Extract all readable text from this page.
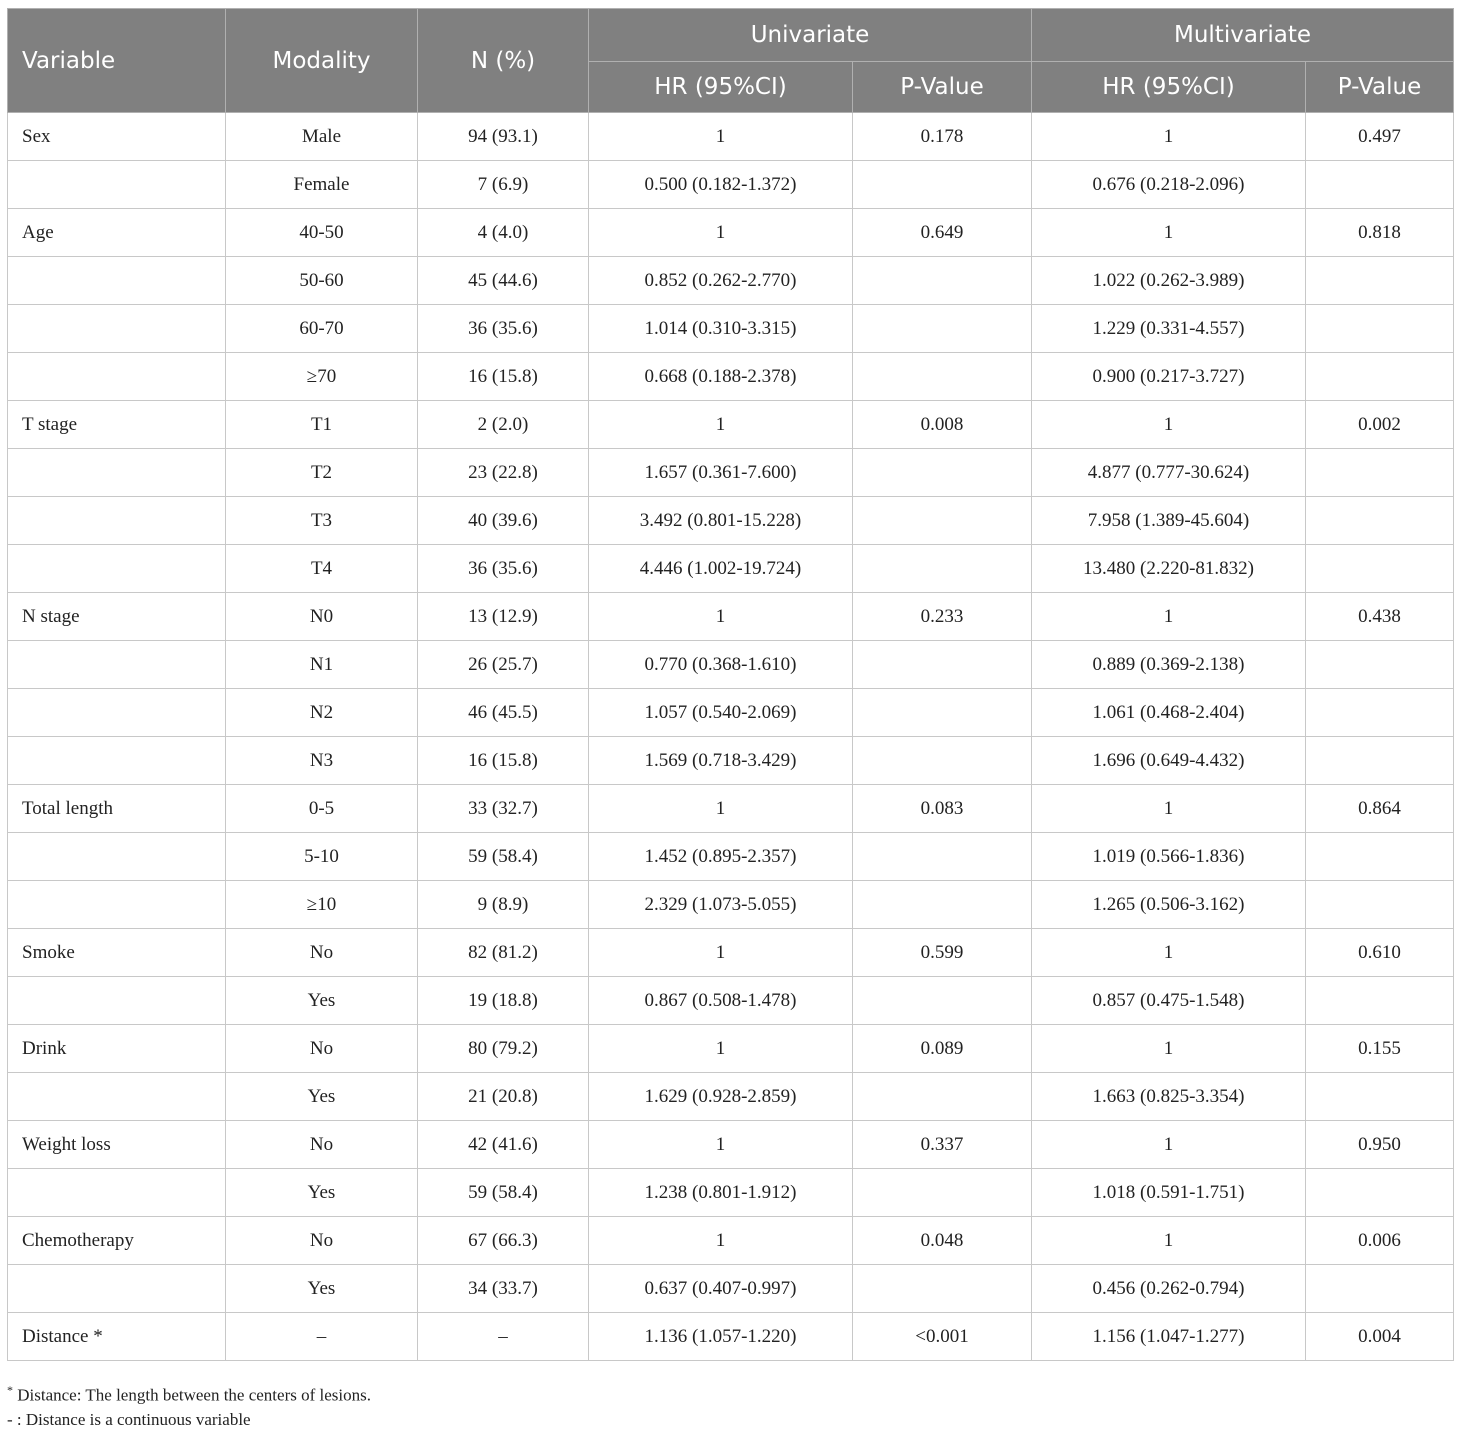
Variable	Modality	N (%)	Univariate		Multivariate	
			HR (95%CI)	P-Value	HR (95%CI)	P-Value
Sex	Male	94 (93.1)	1	0.178	1	0.497
	Female	7 (6.9)	0.500 (0.182-1.372)		0.676 (0.218-2.096)	
Age	40-50	4 (4.0)	1	0.649	1	0.818
	50-60	45 (44.6)	0.852 (0.262-2.770)		1.022 (0.262-3.989)	
	60-70	36 (35.6)	1.014 (0.310-3.315)		1.229 (0.331-4.557)	
	≥70	16 (15.8)	0.668 (0.188-2.378)		0.900 (0.217-3.727)	
T stage	T1	2 (2.0)	1	0.008	1	0.002
	T2	23 (22.8)	1.657 (0.361-7.600)		4.877 (0.777-30.624)	
	T3	40 (39.6)	3.492 (0.801-15.228)		7.958 (1.389-45.604)	
	T4	36 (35.6)	4.446 (1.002-19.724)		13.480 (2.220-81.832)	
N stage	N0	13 (12.9)	1	0.233	1	0.438
	N1	26 (25.7)	0.770 (0.368-1.610)		0.889 (0.369-2.138)	
	N2	46 (45.5)	1.057 (0.540-2.069)		1.061 (0.468-2.404)	
	N3	16 (15.8)	1.569 (0.718-3.429)		1.696 (0.649-4.432)	
Total length	0-5	33 (32.7)	1	0.083	1	0.864
	5-10	59 (58.4)	1.452 (0.895-2.357)		1.019 (0.566-1.836)	
	≥10	9 (8.9)	2.329 (1.073-5.055)		1.265 (0.506-3.162)	
Smoke	No	82 (81.2)	1	0.599	1	0.610
	Yes	19 (18.8)	0.867 (0.508-1.478)		0.857 (0.475-1.548)	
Drink	No	80 (79.2)	1	0.089	1	0.155
	Yes	21 (20.8)	1.629 (0.928-2.859)		1.663 (0.825-3.354)	
Weight loss	No	42 (41.6)	1	0.337	1	0.950
	Yes	59 (58.4)	1.238 (0.801-1.912)		1.018 (0.591-1.751)	
Chemotherapy	No	67 (66.3)	1	0.048	1	0.006
	Yes	34 (33.7)	0.637 (0.407-0.997)		0.456 (0.262-0.794)	
Distance *	–	–	1.136 (1.057-1.220)	<0.001	1.156 (1.047-1.277)	0.004
* Distance: The length between the centers of lesions.
- : Distance is a continuous variable
